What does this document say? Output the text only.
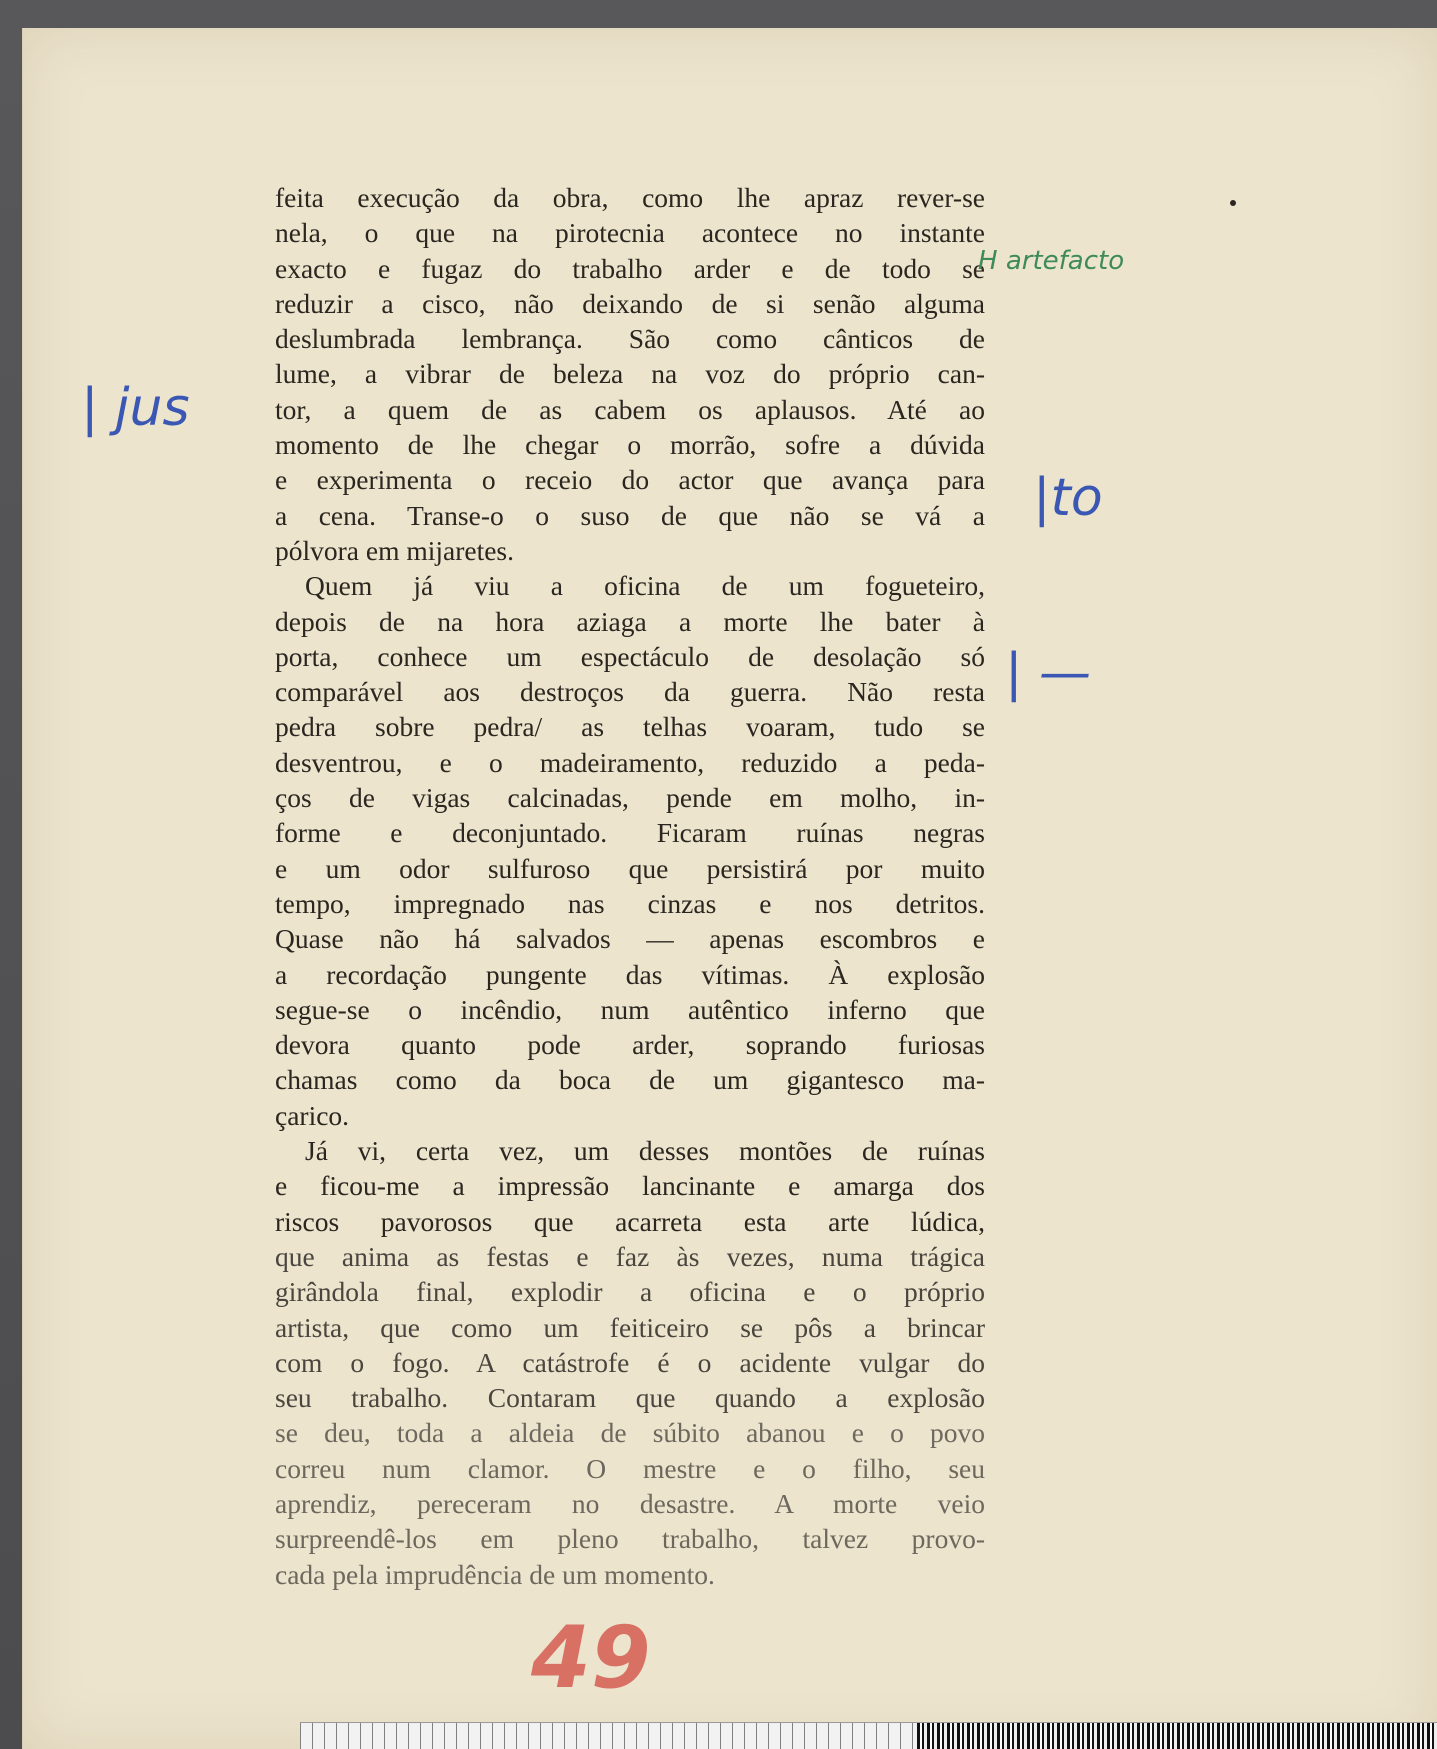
feita execução da obra, como lhe apraz rever-se
nela, o que na pirotecnia acontece no instante
exacto e fugaz do trabalho arder e de todo se
reduzir a cisco, não deixando de si senão alguma
deslumbrada lembrança. São como cânticos de
lume, a vibrar de beleza na voz do próprio can-
tor, a quem de as cabem os aplausos. Até ao
momento de lhe chegar o morrão, sofre a dúvida
e experimenta o receio do actor que avança para
a cena. Transe-o o suso de que não se vá a
pólvora em mijaretes.
Quem já viu a oficina de um fogueteiro,
depois de na hora aziaga a morte lhe bater à
porta, conhece um espectáculo de desolação só
comparável aos destroços da guerra. Não resta
pedra sobre pedra/ as telhas voaram, tudo se
desventrou, e o madeiramento, reduzido a peda-
ços de vigas calcinadas, pende em molho, in-
forme e deconjuntado. Ficaram ruínas negras
e um odor sulfuroso que persistirá por muito
tempo, impregnado nas cinzas e nos detritos.
Quase não há salvados — apenas escombros e
a recordação pungente das vítimas. À explosão
segue-se o incêndio, num autêntico inferno que
devora quanto pode arder, soprando furiosas
chamas como da boca de um gigantesco ma-
çarico.
Já vi, certa vez, um desses montões de ruínas
e ficou-me a impressão lancinante e amarga dos
riscos pavorosos que acarreta esta arte lúdica,
que anima as festas e faz às vezes, numa trágica
girândola final, explodir a oficina e o próprio
artista, que como um feiticeiro se pôs a brincar
com o fogo. A catástrofe é o acidente vulgar do
seu trabalho. Contaram que quando a explosão
se deu, toda a aldeia de súbito abanou e o povo
correu num clamor. O mestre e o filho, seu
aprendiz, pereceram no desastre. A morte veio
surpreendê-los em pleno trabalho, talvez provo-
cada pela imprudência de um momento.
H artefacto
| jus
|to
| —
49
